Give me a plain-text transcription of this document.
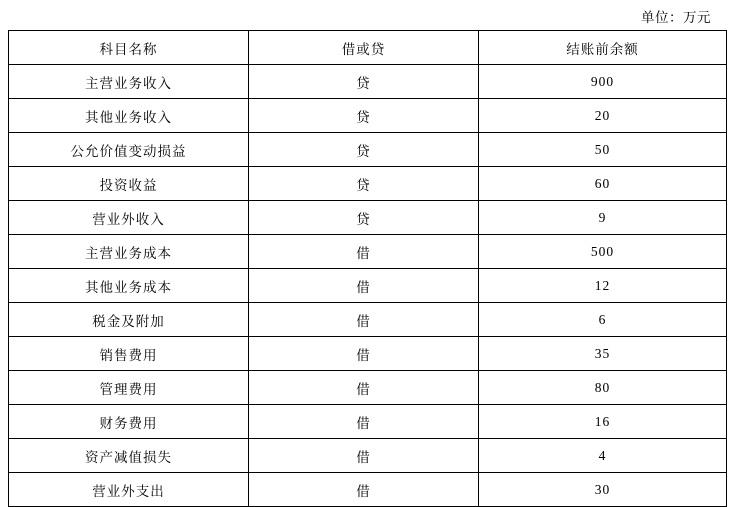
单位：万元
科目名称	借或贷	结账前余额
主营业务收入	贷	900
其他业务收入	贷	20
公允价值变动损益	贷	50
投资收益	贷	60
营业外收入	贷	9
主营业务成本	借	500
其他业务成本	借	12
税金及附加	借	6
销售费用	借	35
管理费用	借	80
财务费用	借	16
资产减值损失	借	4
营业外支出	借	30
